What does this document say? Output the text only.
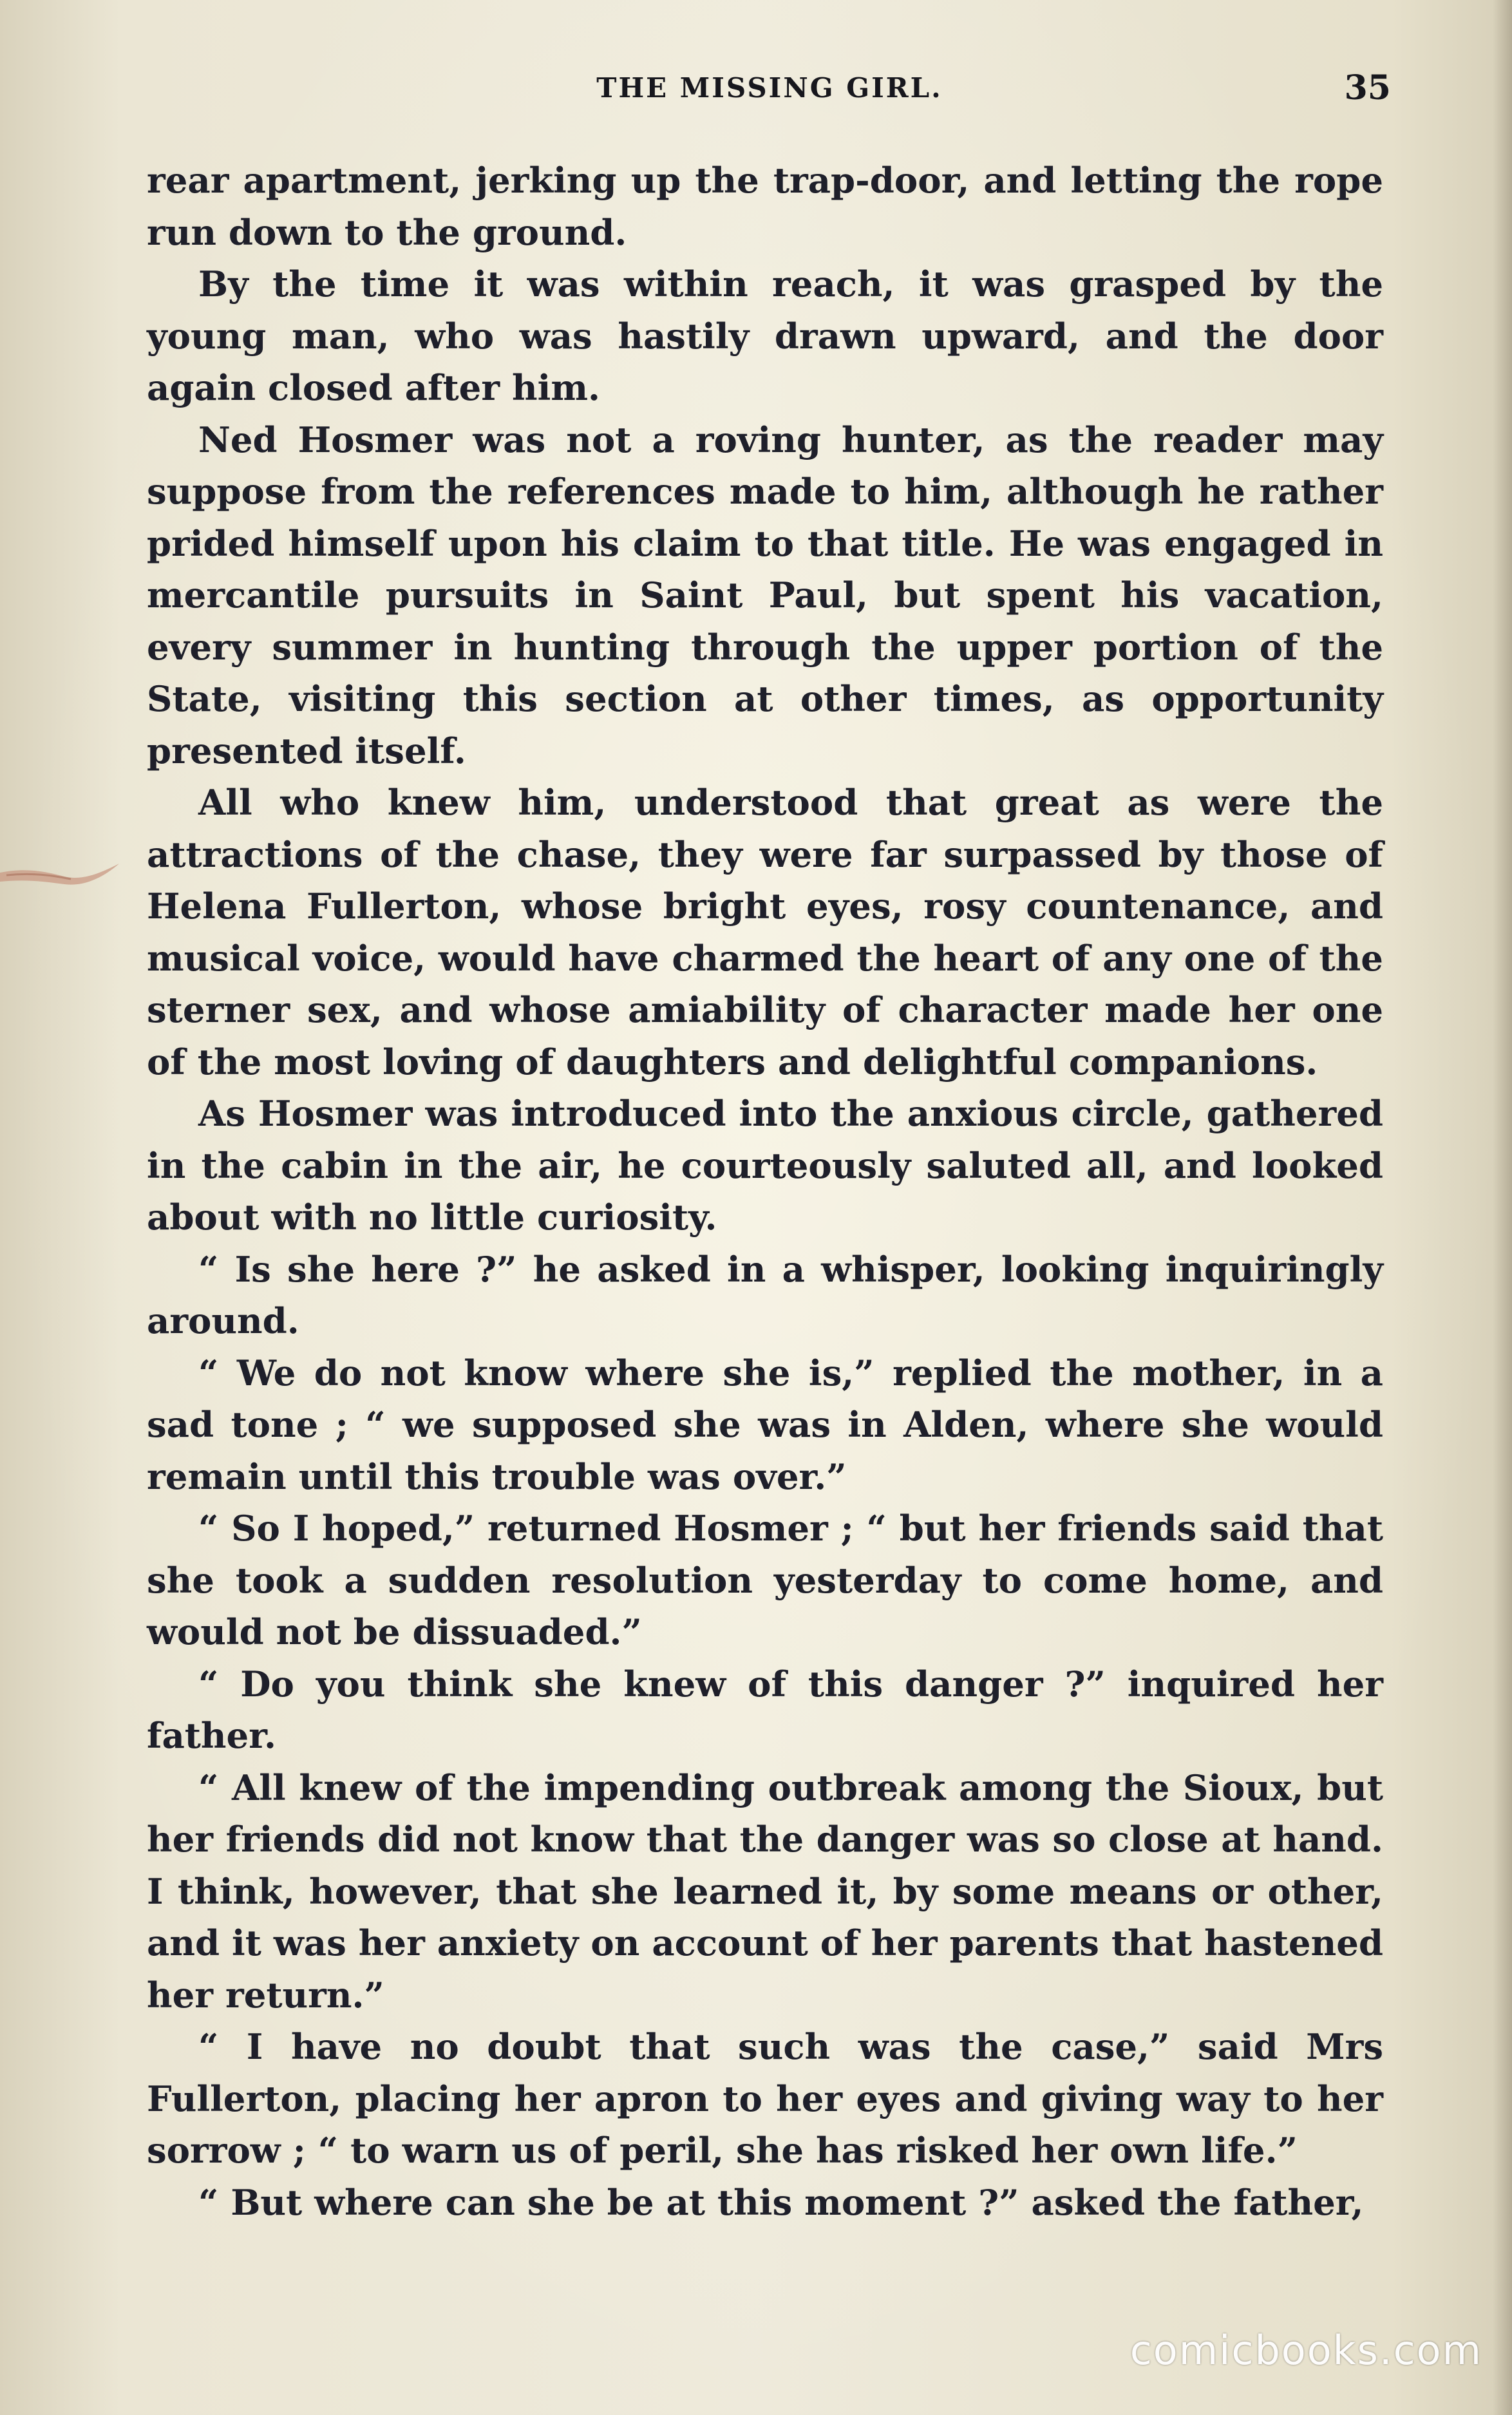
THE MISSING GIRL.	35

rear apartment, jerking up the trap-door, and letting the rope run down to the ground.

By the time it was within reach, it was grasped by the young man, who was hastily drawn upward, and the door again closed after him.

Ned Hosmer was not a roving hunter, as the reader may suppose from the references made to him, although he rather prided himself upon his claim to that title. He was engaged in mercantile pursuits in Saint Paul, but spent his vacation, every summer in hunting through the upper portion of the State, visiting this section at other times, as opportunity presented itself.

All who knew him, understood that great as were the attractions of the chase, they were far surpassed by those of Helena Fullerton, whose bright eyes, rosy countenance, and musical voice, would have charmed the heart of any one of the sterner sex, and whose amiability of character made her one of the most loving of daughters and delightful companions.

As Hosmer was introduced into the anxious circle, gathered in the cabin in the air, he courteously saluted all, and looked about with no little curiosity.

“ Is she here ?” he asked in a whisper, looking inquiringly around.

“ We do not know where she is,” replied the mother, in a sad tone ; “ we supposed she was in Alden, where she would remain until this trouble was over.”

“ So I hoped,” returned Hosmer ; “ but her friends said that she took a sudden resolution yesterday to come home, and would not be dissuaded.”

“ Do you think she knew of this danger ?” inquired her father.

“ All knew of the impending outbreak among the Sioux, but her friends did not know that the danger was so close at hand. I think, however, that she learned it, by some means or other, and it was her anxiety on account of her parents that hastened her return.”

“ I have no doubt that such was the case,” said Mrs Fullerton, placing her apron to her eyes and giving way to her sorrow ; “ to warn us of peril, she has risked her own life.”

“ But where can she be at this moment ?” asked the father,

comicbooks.com
